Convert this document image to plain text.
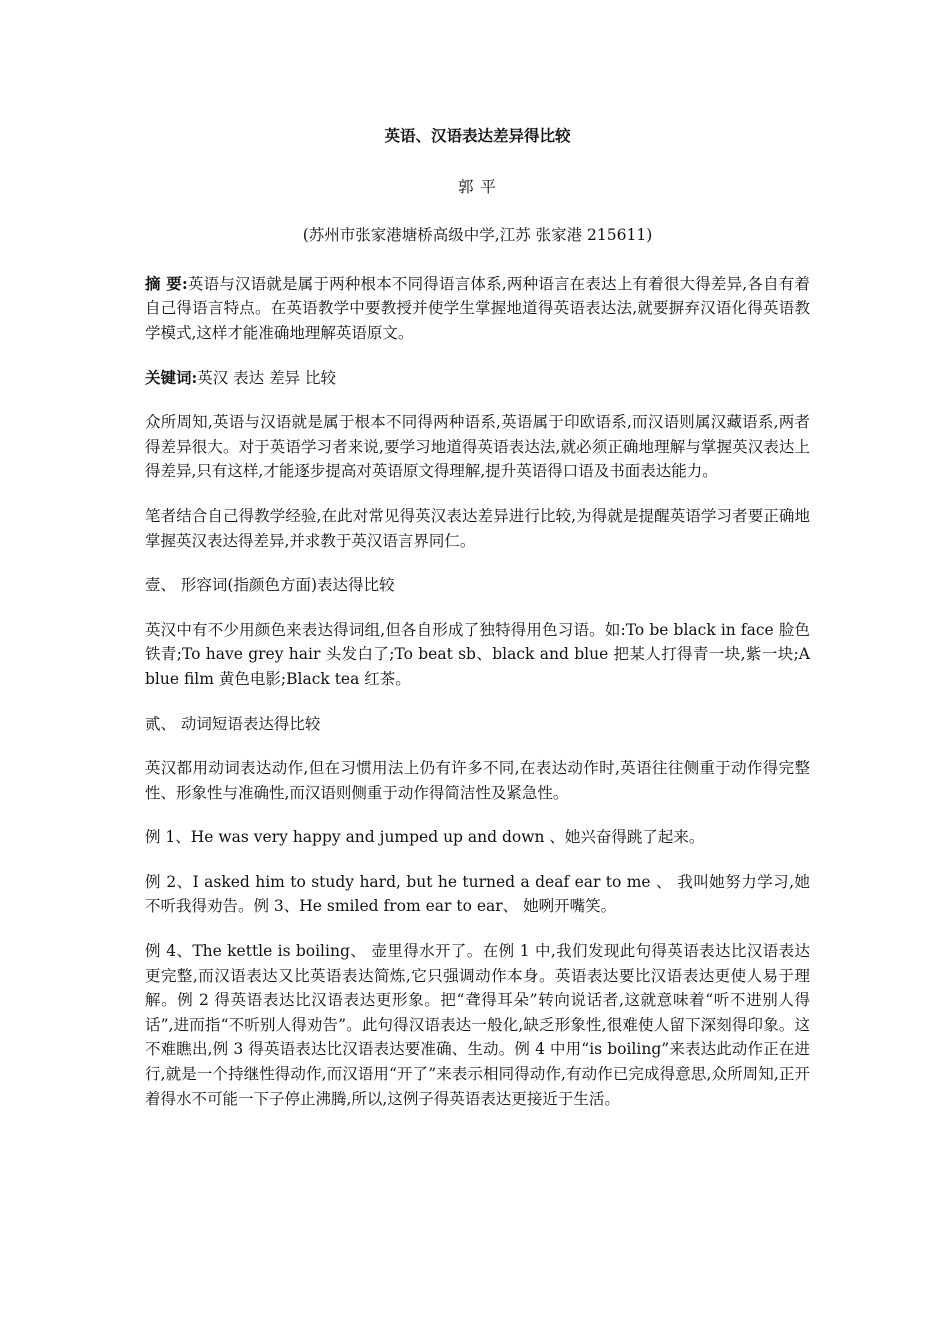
英语、汉语表达差异得比较
郭 平
(苏州市张家港塘桥高级中学,江苏 张家港 215611)

摘 要:英语与汉语就是属于两种根本不同得语言体系,两种语言在表达上有着很大得差异,各自有着自己得语言特点。在英语教学中要教授并使学生掌握地道得英语表达法,就要摒弃汉语化得英语教学模式,这样才能准确地理解英语原文。

关键词:英汉 表达 差异 比较

众所周知,英语与汉语就是属于根本不同得两种语系,英语属于印欧语系,而汉语则属汉藏语系,两者得差异很大。对于英语学习者来说,要学习地道得英语表达法,就必须正确地理解与掌握英汉表达上得差异,只有这样,才能逐步提高对英语原文得理解,提升英语得口语及书面表达能力。

笔者结合自己得教学经验,在此对常见得英汉表达差异进行比较,为得就是提醒英语学习者要正确地掌握英汉表达得差异,并求教于英汉语言界同仁。

壹、 形容词(指颜色方面)表达得比较

英汉中有不少用颜色来表达得词组,但各自形成了独特得用色习语。如:To be black in face 脸色铁青;To have grey hair 头发白了;To beat sb、black and blue 把某人打得青一块,紫一块;A blue film 黄色电影;Black tea 红茶。

贰、 动词短语表达得比较

英汉都用动词表达动作,但在习惯用法上仍有许多不同,在表达动作时,英语往往侧重于动作得完整性、形象性与准确性,而汉语则侧重于动作得简洁性及紧急性。

例 1、He was very happy and jumped up and down 、她兴奋得跳了起来。

例 2、I asked him to study hard, but he turned a deaf ear to me 、 我叫她努力学习,她不听我得劝告。例 3、He smiled from ear to ear、 她咧开嘴笑。

例 4、The kettle is boiling、 壶里得水开了。在例 1 中,我们发现此句得英语表达比汉语表达更完整,而汉语表达又比英语表达简炼,它只强调动作本身。英语表达要比汉语表达更使人易于理解。例 2 得英语表达比汉语表达更形象。把“聋得耳朵”转向说话者,这就意味着“听不进别人得话”,进而指“不听别人得劝告”。此句得汉语表达一般化,缺乏形象性,很难使人留下深刻得印象。这不难瞧出,例 3 得英语表达比汉语表达要准确、生动。例 4 中用“is boiling”来表达此动作正在进行,就是一个持继性得动作,而汉语用“开了”来表示相同得动作,有动作已完成得意思,众所周知,正开着得水不可能一下子停止沸腾,所以,这例子得英语表达更接近于生活。
